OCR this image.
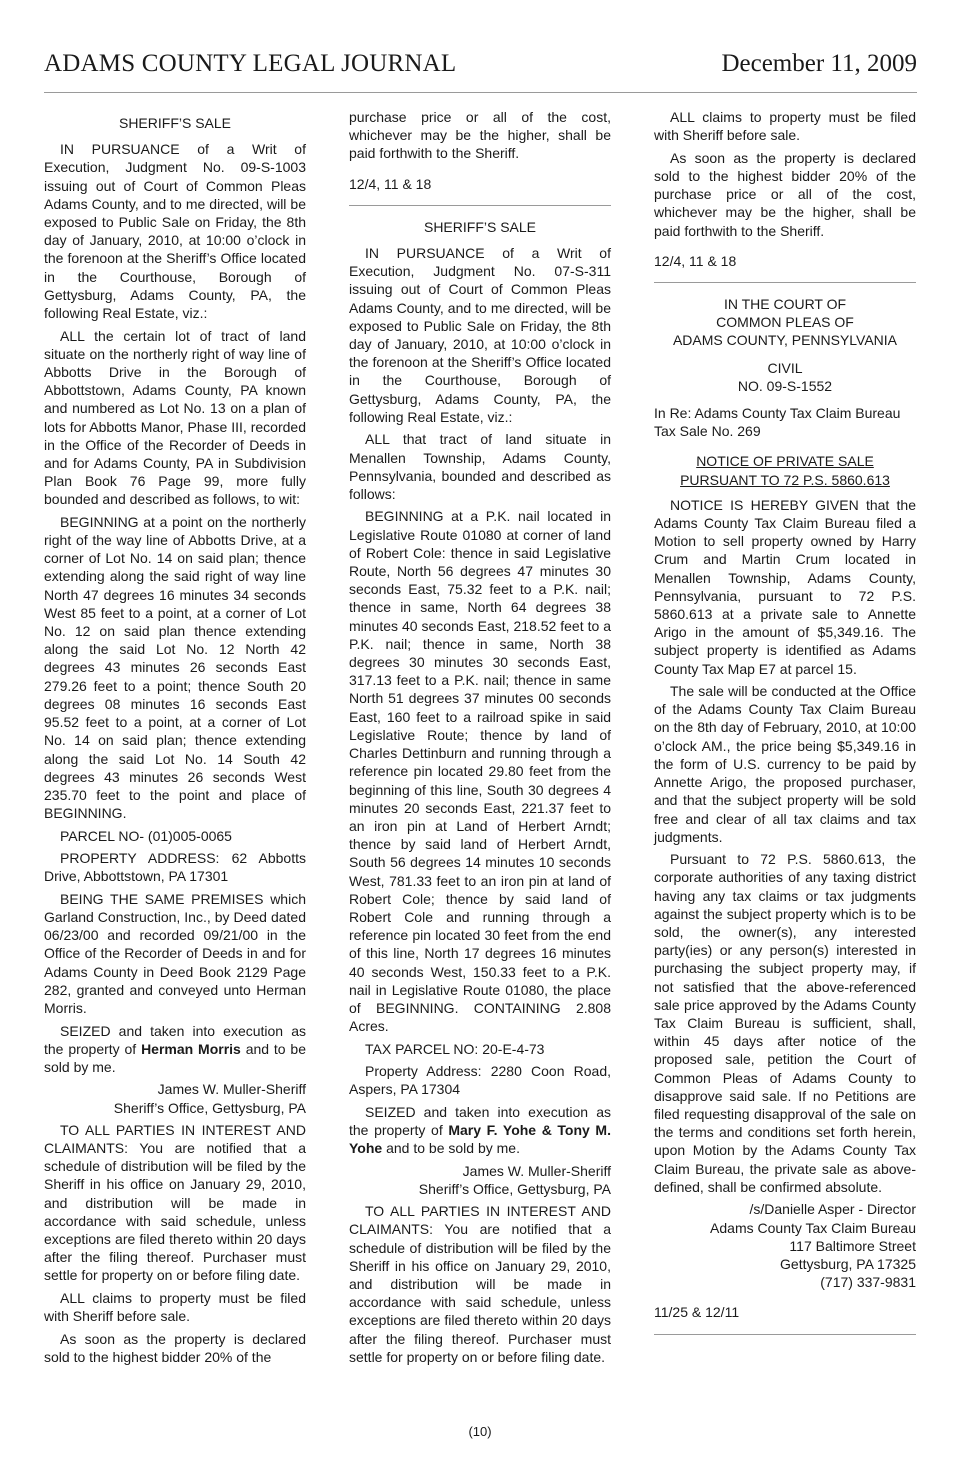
ADAMS COUNTY LEGAL JOURNAL	December 11, 2009

SHERIFF’S SALE

IN PURSUANCE of a Writ of Execution, Judgment No. 09-S-1003 issuing out of Court of Common Pleas Adams County, and to me directed, will be exposed to Public Sale on Friday, the 8th day of January, 2010, at 10:00 o’clock in the forenoon at the Sheriff’s Office located in the Courthouse, Borough of Gettysburg, Adams County, PA, the following Real Estate, viz.:

ALL the certain lot of tract of land situate on the northerly right of way line of Abbotts Drive in the Borough of Abbottstown, Adams County, PA known and numbered as Lot No. 13 on a plan of lots for Abbotts Manor, Phase III, recorded in the Office of the Recorder of Deeds in and for Adams County, PA in Subdivision Plan Book 76 Page 99, more fully bounded and described as follows, to wit:

BEGINNING at a point on the northerly right of the way line of Abbotts Drive, at a corner of Lot No. 14 on said plan; thence extending along the said right of way line North 47 degrees 16 minutes 34 seconds West 85 feet to a point, at a corner of Lot No. 12 on said plan thence extending along the said Lot No. 12 North 42 degrees 43 minutes 26 seconds East 279.26 feet to a point; thence South 20 degrees 08 minutes 16 seconds East 95.52 feet to a point, at a corner of Lot No. 14 on said plan; thence extending along the said Lot No. 14 South 42 degrees 43 minutes 26 seconds West 235.70 feet to the point and place of BEGINNING.

PARCEL NO- (01)005-0065

PROPERTY ADDRESS: 62 Abbotts Drive, Abbottstown, PA 17301

BEING THE SAME PREMISES which Garland Construction, Inc., by Deed dated 06/23/00 and recorded 09/21/00 in the Office of the Recorder of Deeds in and for Adams County in Deed Book 2129 Page 282, granted and conveyed unto Herman Morris.

SEIZED and taken into execution as the property of Herman Morris and to be sold by me.

James W. Muller-Sheriff

Sheriff’s Office, Gettysburg, PA

TO ALL PARTIES IN INTEREST AND CLAIMANTS: You are notified that a schedule of distribution will be filed by the Sheriff in his office on January 29, 2010, and distribution will be made in accordance with said schedule, unless exceptions are filed thereto within 20 days after the filing thereof. Purchaser must settle for property on or before filing date.

ALL claims to property must be filed with Sheriff before sale.

As soon as the property is declared sold to the highest bidder 20% of the

purchase price or all of the cost, whichever may be the higher, shall be paid forthwith to the Sheriff.

12/4, 11 & 18

SHERIFF’S SALE

IN PURSUANCE of a Writ of Execution, Judgment No. 07-S-311 issuing out of Court of Common Pleas Adams County, and to me directed, will be exposed to Public Sale on Friday, the 8th day of January, 2010, at 10:00 o’clock in the forenoon at the Sheriff’s Office located in the Courthouse, Borough of Gettysburg, Adams County, PA, the following Real Estate, viz.:

ALL that tract of land situate in Menallen Township, Adams County, Pennsylvania, bounded and described as follows:

BEGINNING at a P.K. nail located in Legislative Route 01080 at corner of land of Robert Cole: thence in said Legislative Route, North 56 degrees 47 minutes 30 seconds East, 75.32 feet to a P.K. nail; thence in same, North 64 degrees 38 minutes 40 seconds East, 218.52 feet to a P.K. nail; thence in same, North 38 degrees 30 minutes 30 seconds East, 317.13 feet to a P.K. nail; thence in same North 51 degrees 37 minutes 00 seconds East, 160 feet to a railroad spike in said Legislative Route; thence by land of Charles Dettinburn and running through a reference pin located 29.80 feet from the beginning of this line, South 30 degrees 4 minutes 20 seconds East, 221.37 feet to an iron pin at Land of Herbert Arndt; thence by said land of Herbert Arndt, South 56 degrees 14 minutes 10 seconds West, 781.33 feet to an iron pin at land of Robert Cole; thence by said land of Robert Cole and running through a reference pin located 30 feet from the end of this line, North 17 degrees 16 minutes 40 seconds West, 150.33 feet to a P.K. nail in Legislative Route 01080, the place of BEGINNING. CONTAINING 2.808 Acres.

TAX PARCEL NO: 20-E-4-73

Property Address: 2280 Coon Road, Aspers, PA 17304

SEIZED and taken into execution as the property of Mary F. Yohe & Tony M. Yohe and to be sold by me.

James W. Muller-Sheriff

Sheriff’s Office, Gettysburg, PA

TO ALL PARTIES IN INTEREST AND CLAIMANTS: You are notified that a schedule of distribution will be filed by the Sheriff in his office on January 29, 2010, and distribution will be made in accordance with said schedule, unless exceptions are filed thereto within 20 days after the filing thereof. Purchaser must settle for property on or before filing date.

ALL claims to property must be filed with Sheriff before sale.

As soon as the property is declared sold to the highest bidder 20% of the purchase price or all of the cost, whichever may be the higher, shall be paid forthwith to the Sheriff.

12/4, 11 & 18

IN THE COURT OF

COMMON PLEAS OF

ADAMS COUNTY, PENNSYLVANIA

CIVIL

NO. 09-S-1552

In Re: Adams County Tax Claim Bureau

Tax Sale No. 269

NOTICE OF PRIVATE SALE

PURSUANT TO 72 P.S. 5860.613

NOTICE IS HEREBY GIVEN that the Adams County Tax Claim Bureau filed a Motion to sell property owned by Harry Crum and Martin Crum located in Menallen Township, Adams County, Pennsylvania, pursuant to 72 P.S. 5860.613 at a private sale to Annette Arigo in the amount of $5,349.16. The subject property is identified as Adams County Tax Map E7 at parcel 15.

The sale will be conducted at the Office of the Adams County Tax Claim Bureau on the 8th day of February, 2010, at 10:00 o’clock AM., the price being $5,349.16 in the form of U.S. currency to be paid by Annette Arigo, the proposed purchaser, and that the subject property will be sold free and clear of all tax claims and tax judgments.

Pursuant to 72 P.S. 5860.613, the corporate authorities of any taxing district having any tax claims or tax judgments against the subject property which is to be sold, the owner(s), any interested party(ies) or any person(s) interested in purchasing the subject property may, if not satisfied that the above-referenced sale price approved by the Adams County Tax Claim Bureau is sufficient, shall, within 45 days after notice of the proposed sale, petition the Court of Common Pleas of Adams County to disapprove said sale. If no Petitions are filed requesting disapproval of the sale on the terms and conditions set forth herein, upon Motion by the Adams County Tax Claim Bureau, the private sale as above-defined, shall be confirmed absolute.

/s/Danielle Asper - Director

Adams County Tax Claim Bureau

117 Baltimore Street

Gettysburg, PA 17325

(717) 337-9831

11/25 & 12/11

(10)
